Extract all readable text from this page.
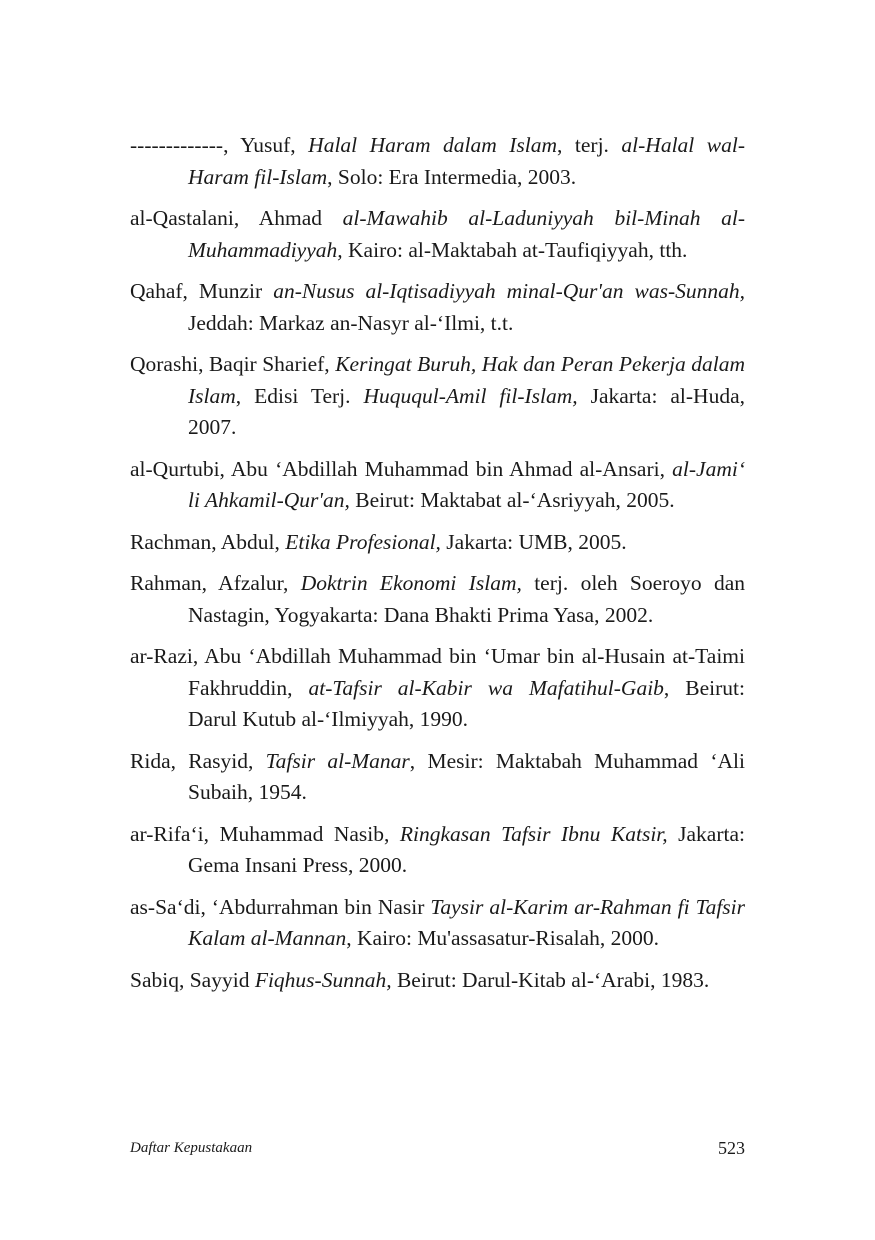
-------------, Yusuf, Halal Haram dalam Islam, terj. al-Halal wal-Haram fil-Islam, Solo: Era Intermedia, 2003.

al-Qastalani, Ahmad al-Mawahib al-Laduniyyah bil-Minah al-Muhammadiyyah, Kairo: al-Maktabah at-Taufiqiyyah, tth.

Qahaf, Munzir an-Nusus al-Iqtisadiyyah minal-Qur'an was-Sunnah, Jeddah: Markaz an-Nasyr al-‘Ilmi, t.t.

Qorashi, Baqir Sharief, Keringat Buruh, Hak dan Peran Pekerja dalam Islam, Edisi Terj. Huququl-Amil fil-Islam, Jakarta: al-Huda, 2007.

al-Qurtubi, Abu ‘Abdillah Muhammad bin Ahmad al-Ansari, al-Jami‘ li Ahkamil-Qur'an, Beirut: Maktabat al-‘Asriyyah, 2005.

Rachman, Abdul, Etika Profesional, Jakarta: UMB, 2005.

Rahman, Afzalur, Doktrin Ekonomi Islam, terj. oleh Soeroyo dan Nastagin, Yogyakarta: Dana Bhakti Prima Yasa, 2002.

ar-Razi, Abu ‘Abdillah Muhammad bin ‘Umar bin al-Husain at-Taimi Fakhruddin, at-Tafsir al-Kabir wa Mafatihul-Gaib, Beirut: Darul Kutub al-‘Ilmiyyah, 1990.

Rida, Rasyid, Tafsir al-Manar, Mesir: Maktabah Muhammad ‘Ali Subaih, 1954.

ar-Rifa‘i, Muhammad Nasib, Ringkasan Tafsir Ibnu Katsir, Jakarta: Gema Insani Press, 2000.

as-Sa‘di, ‘Abdurrahman bin Nasir Taysir al-Karim ar-Rahman fi Tafsir Kalam al-Mannan, Kairo: Mu'assasatur-Risalah, 2000.

Sabiq, Sayyid Fiqhus-Sunnah, Beirut: Darul-Kitab al-‘Arabi, 1983.

Daftar Kepustakaan	523
